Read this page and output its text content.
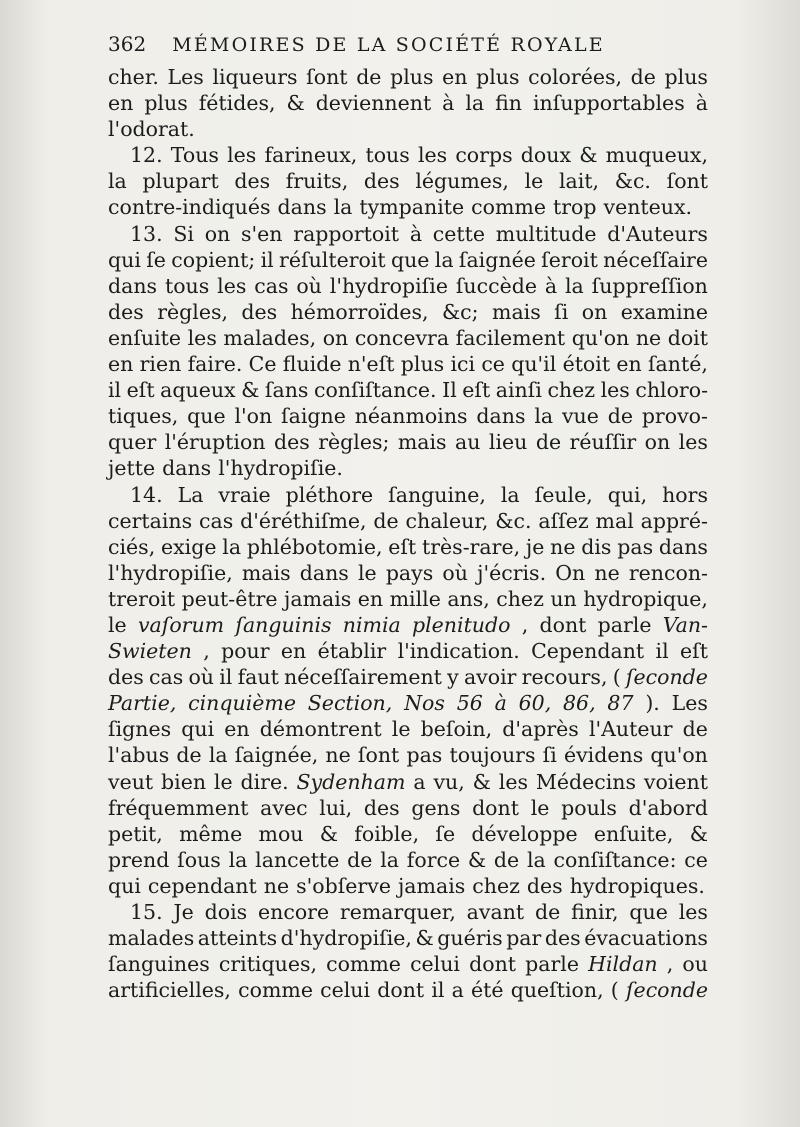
362 MÉMOIRES DE LA SOCIÉTÉ ROYALE
cher. Les liqueurs ſont de plus en plus colorées, de plus
en plus fétides, & deviennent à la fin inſupportables à
l'odorat.
12. Tous les farineux, tous les corps doux & muqueux,
la plupart des fruits, des légumes, le lait, &c. ſont
contre-indiqués dans la tympanite comme trop venteux.
13. Si on s'en rapportoit à cette multitude d'Auteurs
qui ſe copient; il réſulteroit que la ſaignée ſeroit néceſſaire
dans tous les cas où l'hydropiſie ſuccède à la ſuppreſſion
des règles, des hémorroïdes, &c; mais ſi on examine
enſuite les malades, on concevra facilement qu'on ne doit
en rien faire. Ce fluide n'eſt plus ici ce qu'il étoit en ſanté,
il eſt aqueux & ſans conſiſtance. Il eſt ainſi chez les chloro-
tiques, que l'on ſaigne néanmoins dans la vue de provo-
quer l'éruption des règles; mais au lieu de réuſſir on les
jette dans l'hydropiſie.
14. La vraie pléthore ſanguine, la ſeule, qui, hors
certains cas d'éréthiſme, de chaleur, &c. aſſez mal appré-
ciés, exige la phlébotomie, eſt très-rare, je ne dis pas dans
l'hydropiſie, mais dans le pays où j'écris. On ne rencon-
treroit peut-être jamais en mille ans, chez un hydropique,
le vaſorum ſanguinis nimia plenitudo , dont parle Van-
Swieten , pour en établir l'indication. Cependant il eſt
des cas où il faut néceſſairement y avoir recours, ( ſeconde
Partie, cinquième Section, Nos 56 à 60, 86, 87 ). Les
ſignes qui en démontrent le beſoin, d'après l'Auteur de
l'abus de la ſaignée, ne ſont pas toujours ſi évidens qu'on
veut bien le dire. Sydenham a vu, & les Médecins voient
fréquemment avec lui, des gens dont le pouls d'abord
petit, même mou & foible, ſe développe enſuite, &
prend ſous la lancette de la force & de la conſiſtance: ce
qui cependant ne s'obſerve jamais chez des hydropiques.
15. Je dois encore remarquer, avant de finir, que les
malades atteints d'hydropiſie, & guéris par des évacuations
ſanguines critiques, comme celui dont parle Hildan , ou
artificielles, comme celui dont il a été queſtion, ( ſeconde
